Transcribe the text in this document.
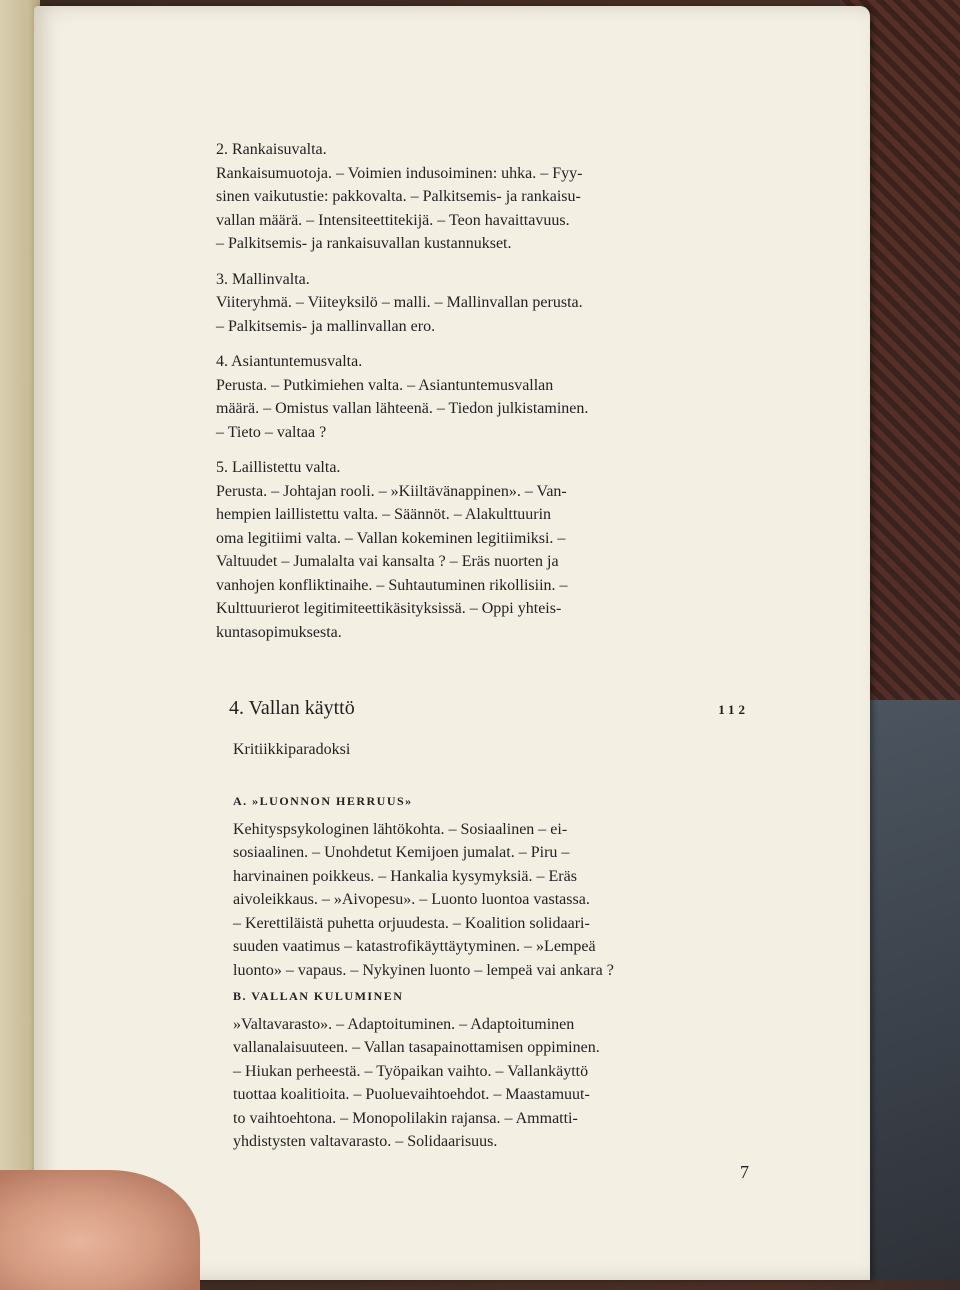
2. Rankaisuvalta.

Rankaisumuotoja. – Voimien indusoiminen: uhka. – Fyy-

sinen vaikutustie: pakkovalta. – Palkitsemis- ja rankaisu-

vallan määrä. – Intensiteettitekijä. – Teon havaittavuus.

– Palkitsemis- ja rankaisuvallan kustannukset.

3. Mallinvalta.

Viiteryhmä. – Viiteyksilö – malli. – Mallinvallan perusta.

– Palkitsemis- ja mallinvallan ero.

4. Asiantuntemusvalta.

Perusta. – Putkimiehen valta. – Asiantuntemusvallan

määrä. – Omistus vallan lähteenä. – Tiedon julkistaminen.

– Tieto – valtaa ?

5. Laillistettu valta.

Perusta. – Johtajan rooli. – »Kiiltävänappinen». – Van-

hempien laillistettu valta. – Säännöt. – Alakulttuurin

oma legitiimi valta. – Vallan kokeminen legitiimiksi. –

Valtuudet – Jumalalta vai kansalta ? – Eräs nuorten ja

vanhojen konfliktinaihe. – Suhtautuminen rikollisiin. –

Kulttuurierot legitimiteettikäsityksissä. – Oppi yhteis-

kuntasopimuksesta.

4. Vallan käyttö	112
Kritiikkiparadoksi
A. »LUONNON HERRUUS»

Kehityspsykologinen lähtökohta. – Sosiaalinen – ei-

sosiaalinen. – Unohdetut Kemijoen jumalat. – Piru –

harvinainen poikkeus. – Hankalia kysymyksiä. – Eräs

aivoleikkaus. – »Aivopesu». – Luonto luontoa vastassa.

– Kerettiläistä puhetta orjuudesta. – Koalition solidaari-

suuden vaatimus – katastrofikäyttäytyminen. – »Lempeä

luonto» – vapaus. – Nykyinen luonto – lempeä vai ankara ?

B. VALLAN KULUMINEN

»Valtavarasto». – Adaptoituminen. – Adaptoituminen

vallanalaisuuteen. – Vallan tasapainottamisen oppiminen.

– Hiukan perheestä. – Työpaikan vaihto. – Vallankäyttö

tuottaa koalitioita. – Puoluevaihtoehdot. – Maastamuut-

to vaihtoehtona. – Monopolilakin rajansa. – Ammatti-

yhdistysten valtavarasto. – Solidaarisuus.

7
